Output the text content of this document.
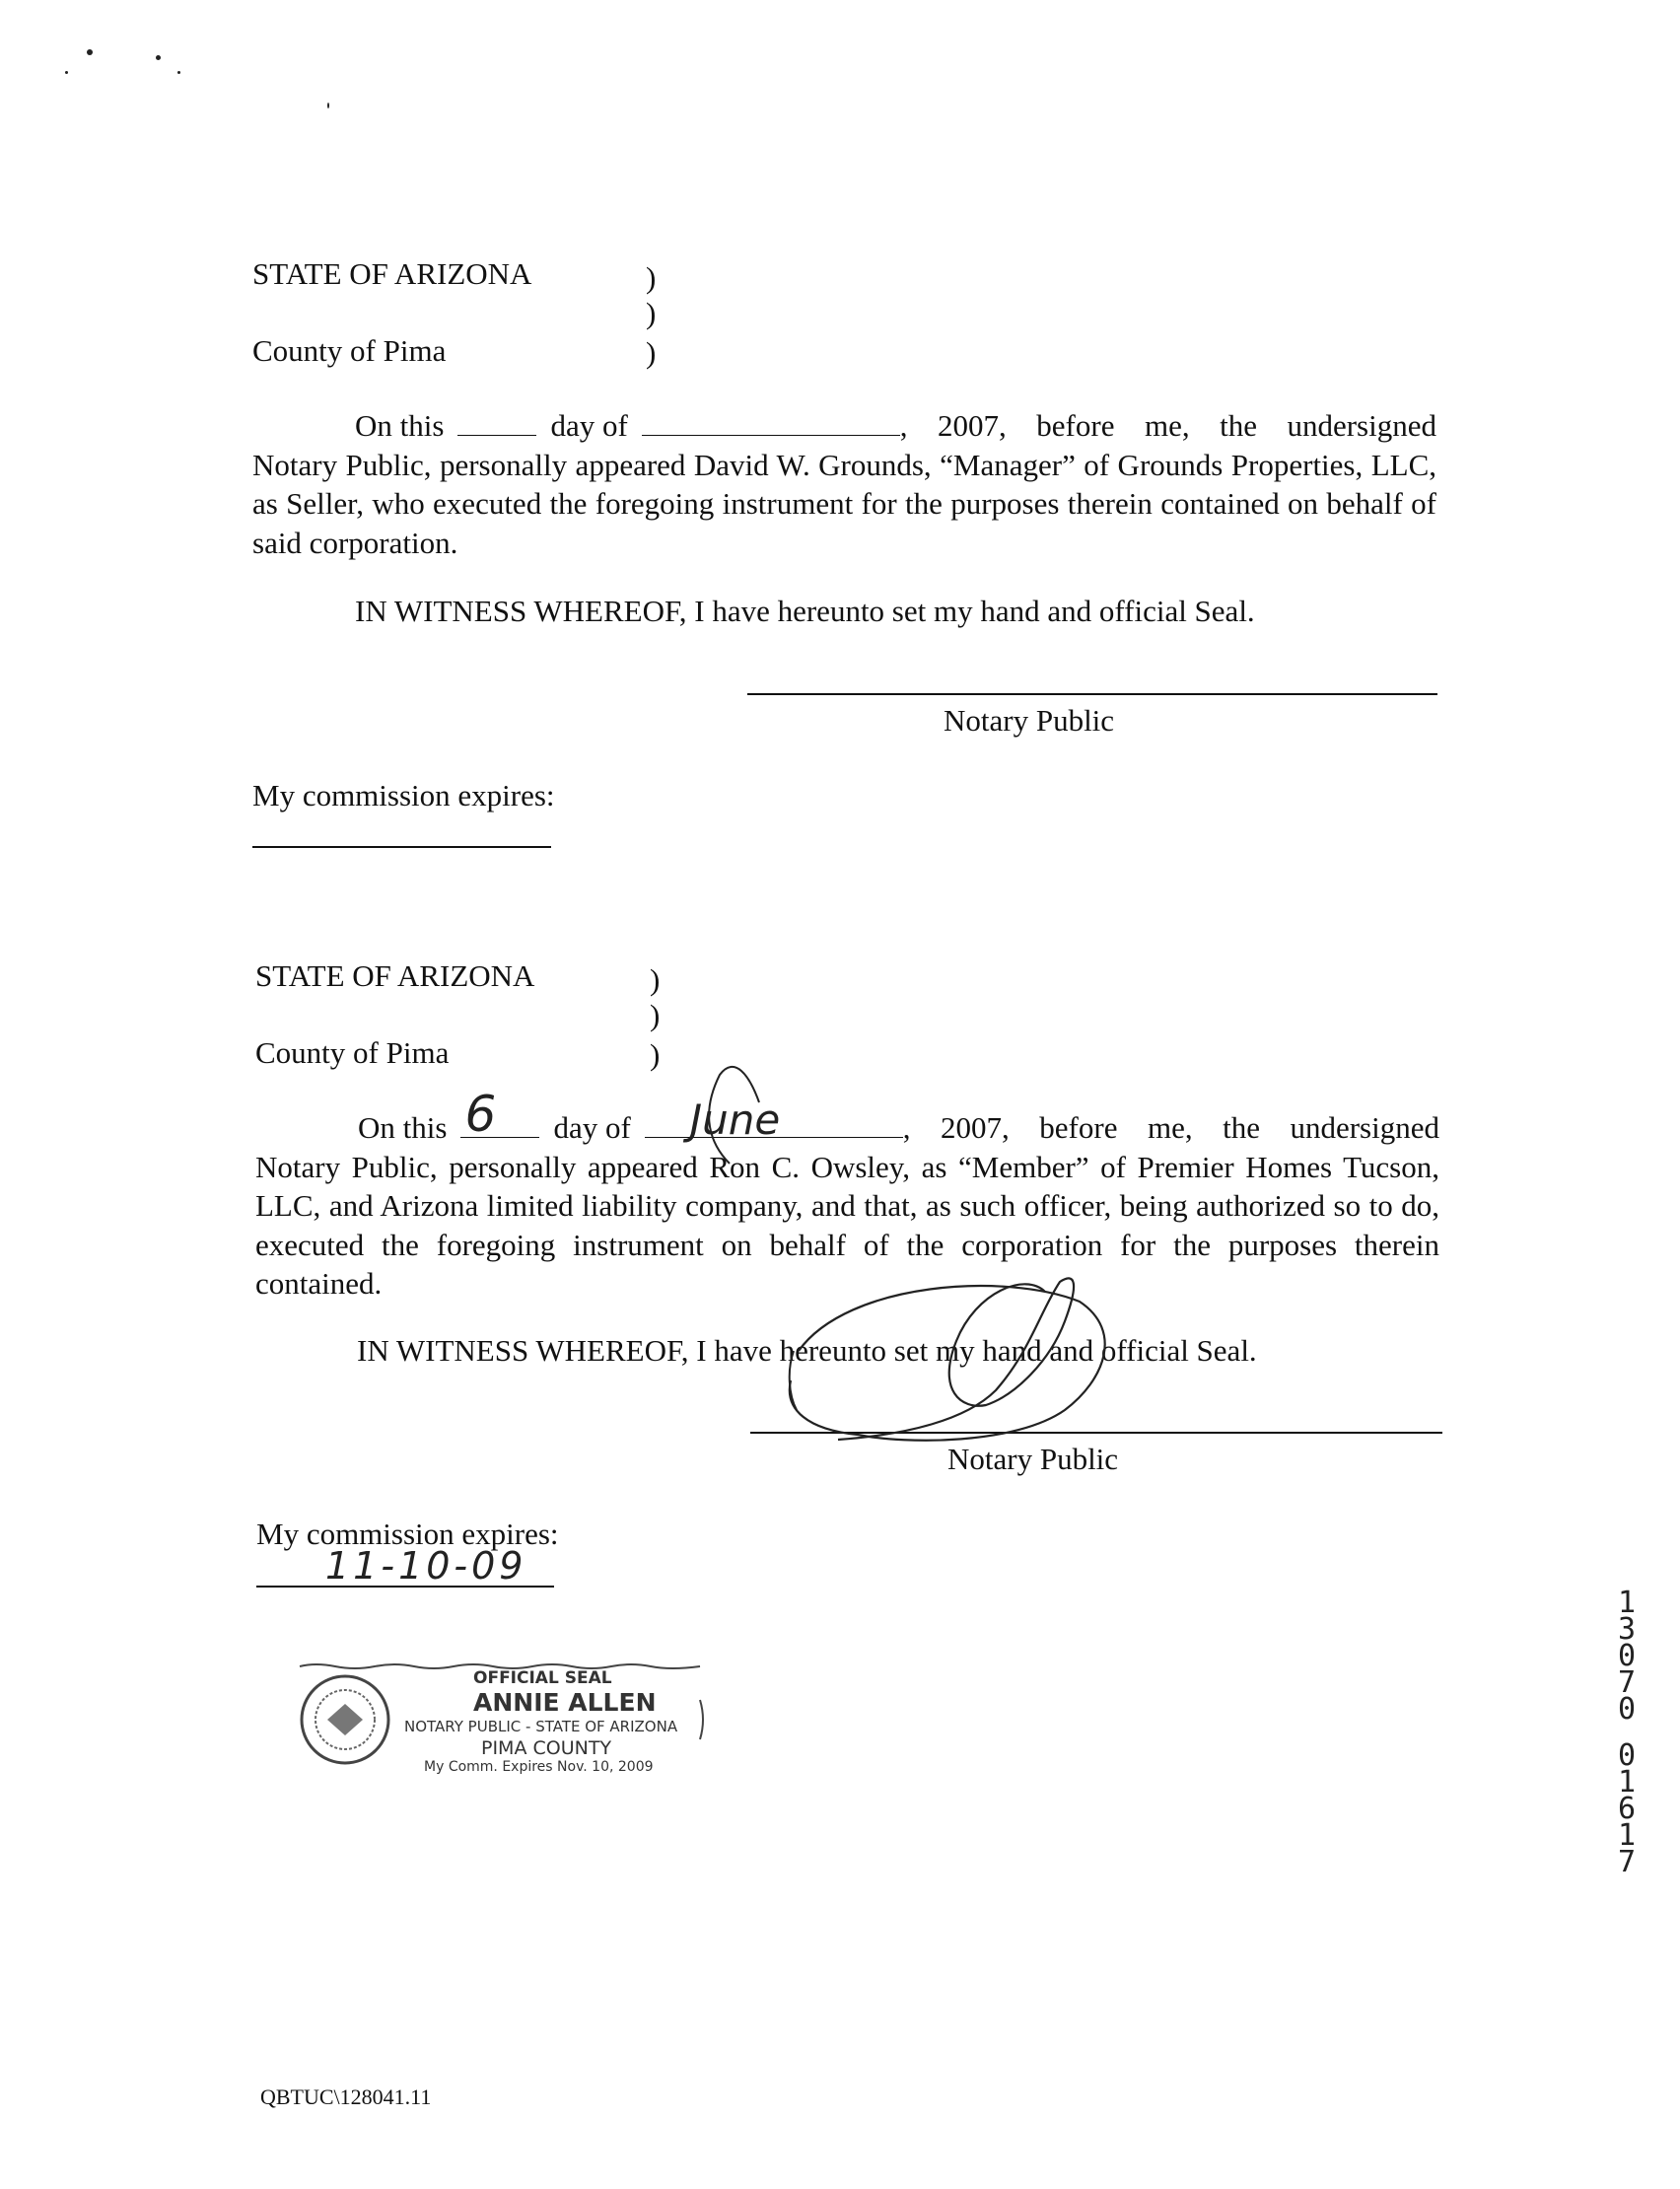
STATE OF ARIZONA	)
)
County of Pima	)
On this	day of	, 2007, before me, the undersigned
Notary Public, personally appeared David W. Grounds, “Manager” of Grounds Properties, LLC, as Seller, who executed the foregoing instrument for the purposes therein contained on behalf of said corporation.
IN WITNESS WHEREOF, I have hereunto set my hand and official Seal.
Notary Public
My commission expires:
STATE OF ARIZONA	)
)
County of Pima	)
On this 6 day of June	, 2007, before me, the undersigned
Notary Public, personally appeared Ron C. Owsley, as “Member” of Premier Homes Tucson, LLC, and Arizona limited liability company, and that, as such officer, being authorized so to do, executed the foregoing instrument on behalf of the corporation for the purposes therein contained.
IN WITNESS WHEREOF, I have hereunto set my hand and official Seal.
Notary Public
My commission expires:
11-10-09
OFFICIAL SEAL
ANNIE ALLEN
NOTARY PUBLIC - STATE OF ARIZONA
PIMA COUNTY
My Comm. Expires Nov. 10, 2009
1
3
0
7
0
0
1
6
1
7
QBTUC\128041.11
